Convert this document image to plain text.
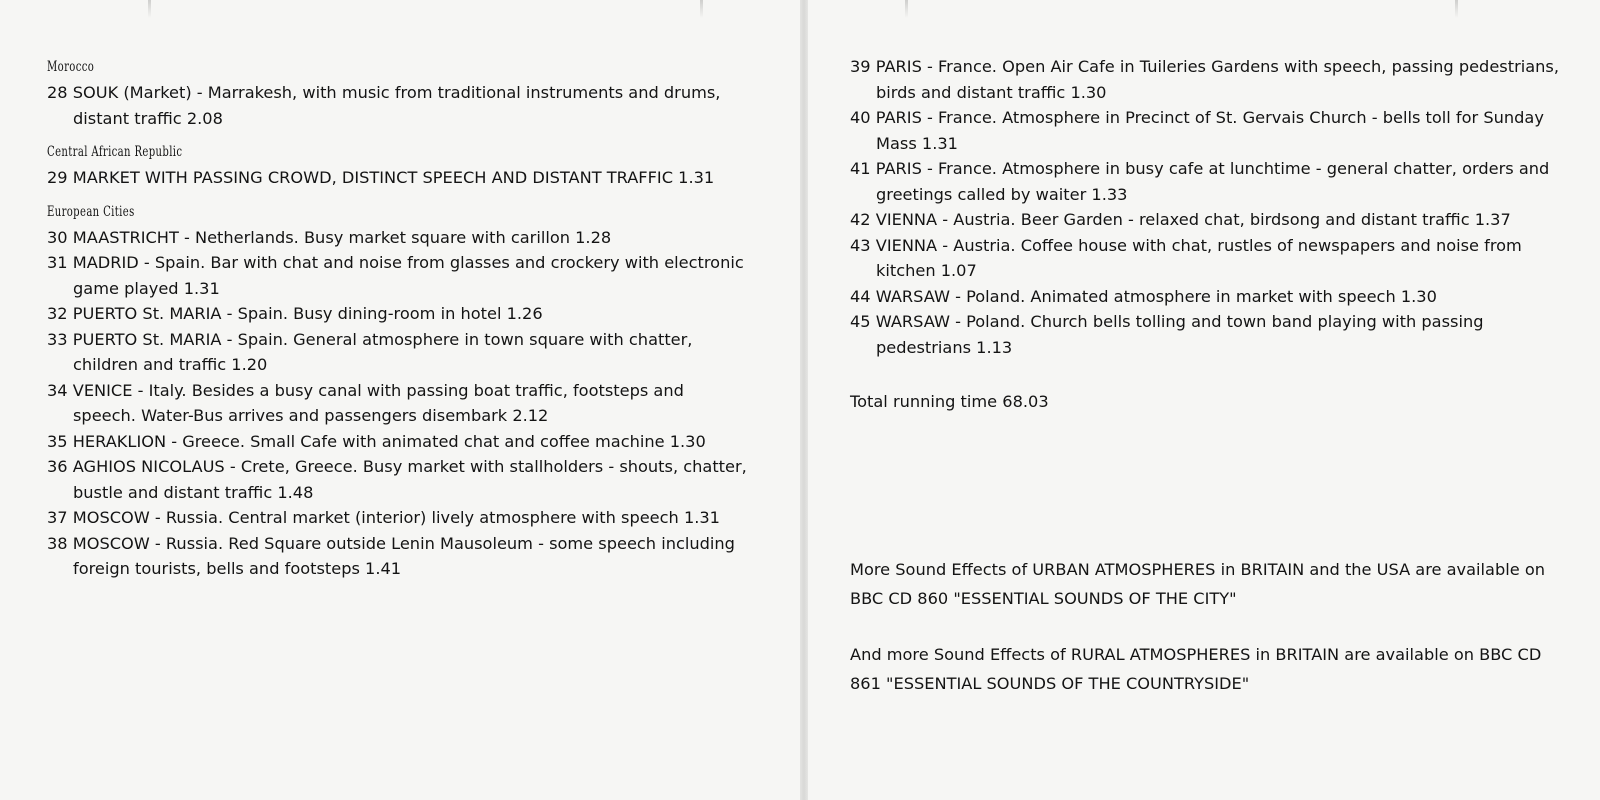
Morocco

28 SOUK (Market) - Marrakesh, with music from traditional instruments and drums, distant traffic 2.08

Central African Republic

29 MARKET WITH PASSING CROWD, DISTINCT SPEECH AND DISTANT TRAFFIC 1.31

European Cities

30 MAASTRICHT - Netherlands. Busy market square with carillon 1.28

31 MADRID - Spain. Bar with chat and noise from glasses and crockery with electronic game played 1.31

32 PUERTO St. MARIA - Spain. Busy dining-room in hotel 1.26

33 PUERTO St. MARIA - Spain. General atmosphere in town square with chatter, children and traffic 1.20

34 VENICE - Italy. Besides a busy canal with passing boat traffic, footsteps and speech. Water-Bus arrives and passengers disembark 2.12

35 HERAKLION - Greece. Small Cafe with animated chat and coffee machine 1.30

36 AGHIOS NICOLAUS - Crete, Greece. Busy market with stallholders - shouts, chatter, bustle and distant traffic 1.48

37 MOSCOW - Russia. Central market (interior) lively atmosphere with speech 1.31

38 MOSCOW - Russia. Red Square outside Lenin Mausoleum - some speech including foreign tourists, bells and footsteps 1.41

39 PARIS - France. Open Air Cafe in Tuileries Gardens with speech, passing pedestrians, birds and distant traffic 1.30

40 PARIS - France. Atmosphere in Precinct of St. Gervais Church - bells toll for Sunday Mass 1.31

41 PARIS - France. Atmosphere in busy cafe at lunchtime - general chatter, orders and greetings called by waiter 1.33

42 VIENNA - Austria. Beer Garden - relaxed chat, birdsong and distant traffic 1.37

43 VIENNA - Austria. Coffee house with chat, rustles of newspapers and noise from kitchen 1.07

44 WARSAW - Poland. Animated atmosphere in market with speech 1.30

45 WARSAW - Poland. Church bells tolling and town band playing with passing pedestrians 1.13

Total running time 68.03

More Sound Effects of URBAN ATMOSPHERES in BRITAIN and the USA are available on BBC CD 860 "ESSENTIAL SOUNDS OF THE CITY"

And more Sound Effects of RURAL ATMOSPHERES in BRITAIN are available on BBC CD 861 "ESSENTIAL SOUNDS OF THE COUNTRYSIDE"
